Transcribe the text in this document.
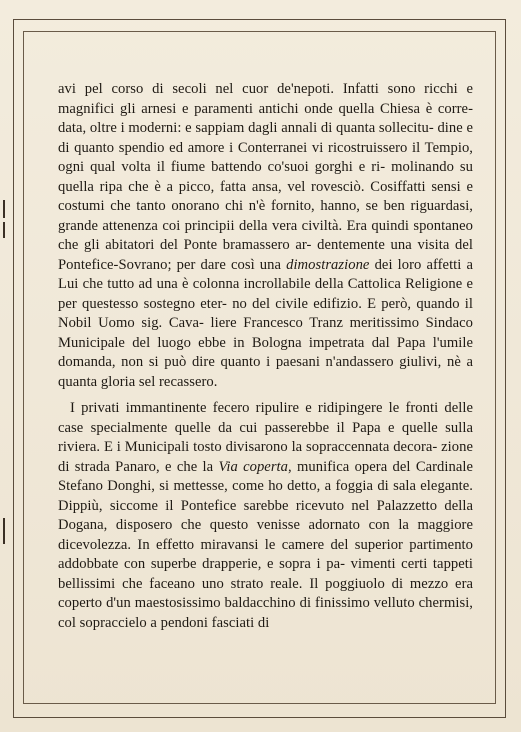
avi pel corso di secoli nel cuor de'nepoti. Infatti sono ricchi e magnifici gli arnesi e paramenti antichi onde quella Chiesa è corre- data, oltre i moderni: e sappiam dagli annali di quanta sollecitu- dine e di quanto spendio ed amore i Conterranei vi ricostruissero il Tempio, ogni qual volta il fiume battendo co'suoi gorghi e ri- molinando su quella ripa che è a picco, fatta ansa, vel rovesciò. Cosiffatti sensi e costumi che tanto onorano chi n'è fornito, hanno, se ben riguardasi, grande attenenza coi principii della vera civiltà. Era quindi spontaneo che gli abitatori del Ponte bramassero ar- dentemente una visita del Pontefice-Sovrano; per dare così una dimostrazione dei loro affetti a Lui che tutto ad una è colonna incrollabile della Cattolica Religione e per questesso sostegno eter- no del civile edifizio. E però, quando il Nobil Uomo sig. Cava- liere Francesco Tranz meritissimo Sindaco Municipale del luogo ebbe in Bologna impetrata dal Papa l'umile domanda, non si può dire quanto i paesani n'andassero giulivi, nè a quanta gloria sel recassero.

I privati immantinente fecero ripulire e ridipingere le fronti delle case specialmente quelle da cui passerebbe il Papa e quelle sulla riviera. E i Municipali tosto divisarono la sopraccennata decora- zione di strada Panaro, e che la Via coperta, munifica opera del Cardinale Stefano Donghi, si mettesse, come ho detto, a foggia di sala elegante. Dippiù, siccome il Pontefice sarebbe ricevuto nel Palazzetto della Dogana, disposero che questo venisse adornato con la maggiore dicevolezza. In effetto miravansi le camere del superior partimento addobbate con superbe drapperie, e sopra i pa- vimenti certi tappeti bellissimi che faceano uno strato reale. Il poggiuolo di mezzo era coperto d'un maestosissimo baldacchino di finissimo velluto chermisi, col sopraccielo a pendoni fasciati di
